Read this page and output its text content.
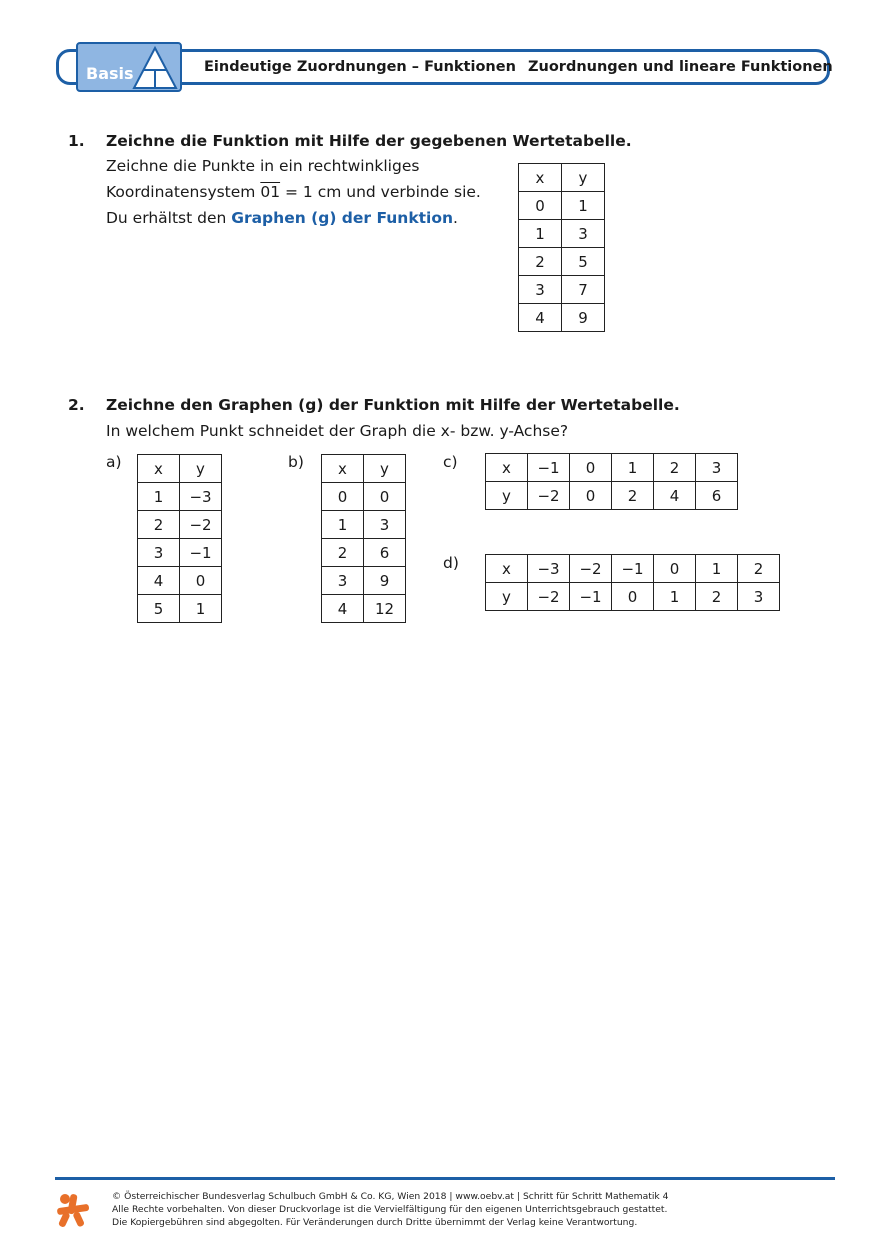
Basis	Eindeutige Zuordnungen – Funktionen Zuordnungen und lineare Funktionen
1. Zeichne die Funktion mit Hilfe der gegebenen Wertetabelle.
Zeichne die Punkte in ein rechtwinkliges
Koordinatensystem 01 = 1 cm und verbinde sie.
Du erhältst den Graphen (g) der Funktion.
x	y
0	1
1	3
2	5
3	7
4	9
2. Zeichne den Graphen (g) der Funktion mit Hilfe der Wertetabelle.
In welchem Punkt schneidet der Graph die x- bzw. y-Achse?
a) x	y
1	−3
2	−2
3	−1
4	0
5	1
b) x	y
0	0
1	3
2	6
3	9
4	12
c)	x	−1	0	1	2	3
y	−2	0	2	4	6
d)	x	−3	−2	−1	0	1	2
y	−2	−1	0	1	2	3
© Österreichischer Bundesverlag Schulbuch GmbH & Co. KG, Wien 2018 | www.oebv.at | Schritt für Schritt Mathematik 4
Alle Rechte vorbehalten. Von dieser Druckvorlage ist die Vervielfältigung für den eigenen Unterrichtsgebrauch gestattet.
Die Kopiergebühren sind abgegolten. Für Veränderungen durch Dritte übernimmt der Verlag keine Verantwortung.
